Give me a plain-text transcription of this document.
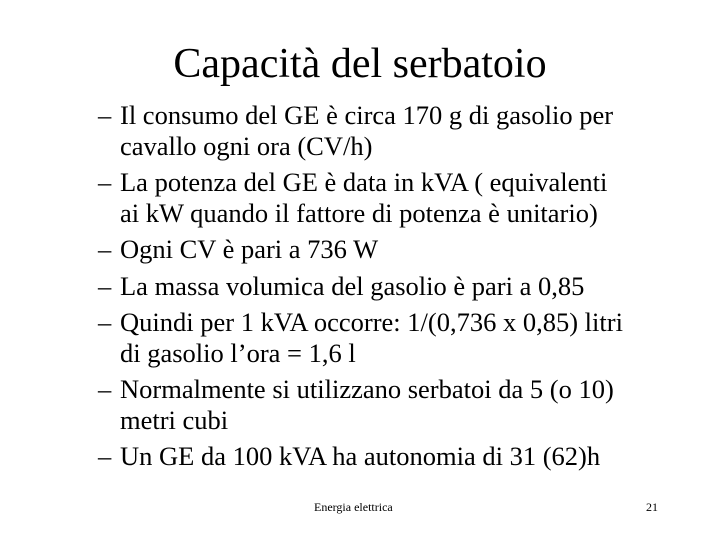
Capacità del serbatoio
– Il consumo del GE è circa 170 g di gasolio per
cavallo ogni ora (CV/h)
– La potenza del GE è data in kVA ( equivalenti
ai kW quando il fattore di potenza è unitario)
– Ogni CV è pari a 736 W
– La massa volumica del gasolio è pari a 0,85
– Quindi per 1 kVA occorre: 1/(0,736 x 0,85) litri
di gasolio l’ora = 1,6 l
– Normalmente si utilizzano serbatoi da 5 (o 10)
metri cubi
– Un GE da 100 kVA ha autonomia di 31 (62)h
Energia elettrica	21
